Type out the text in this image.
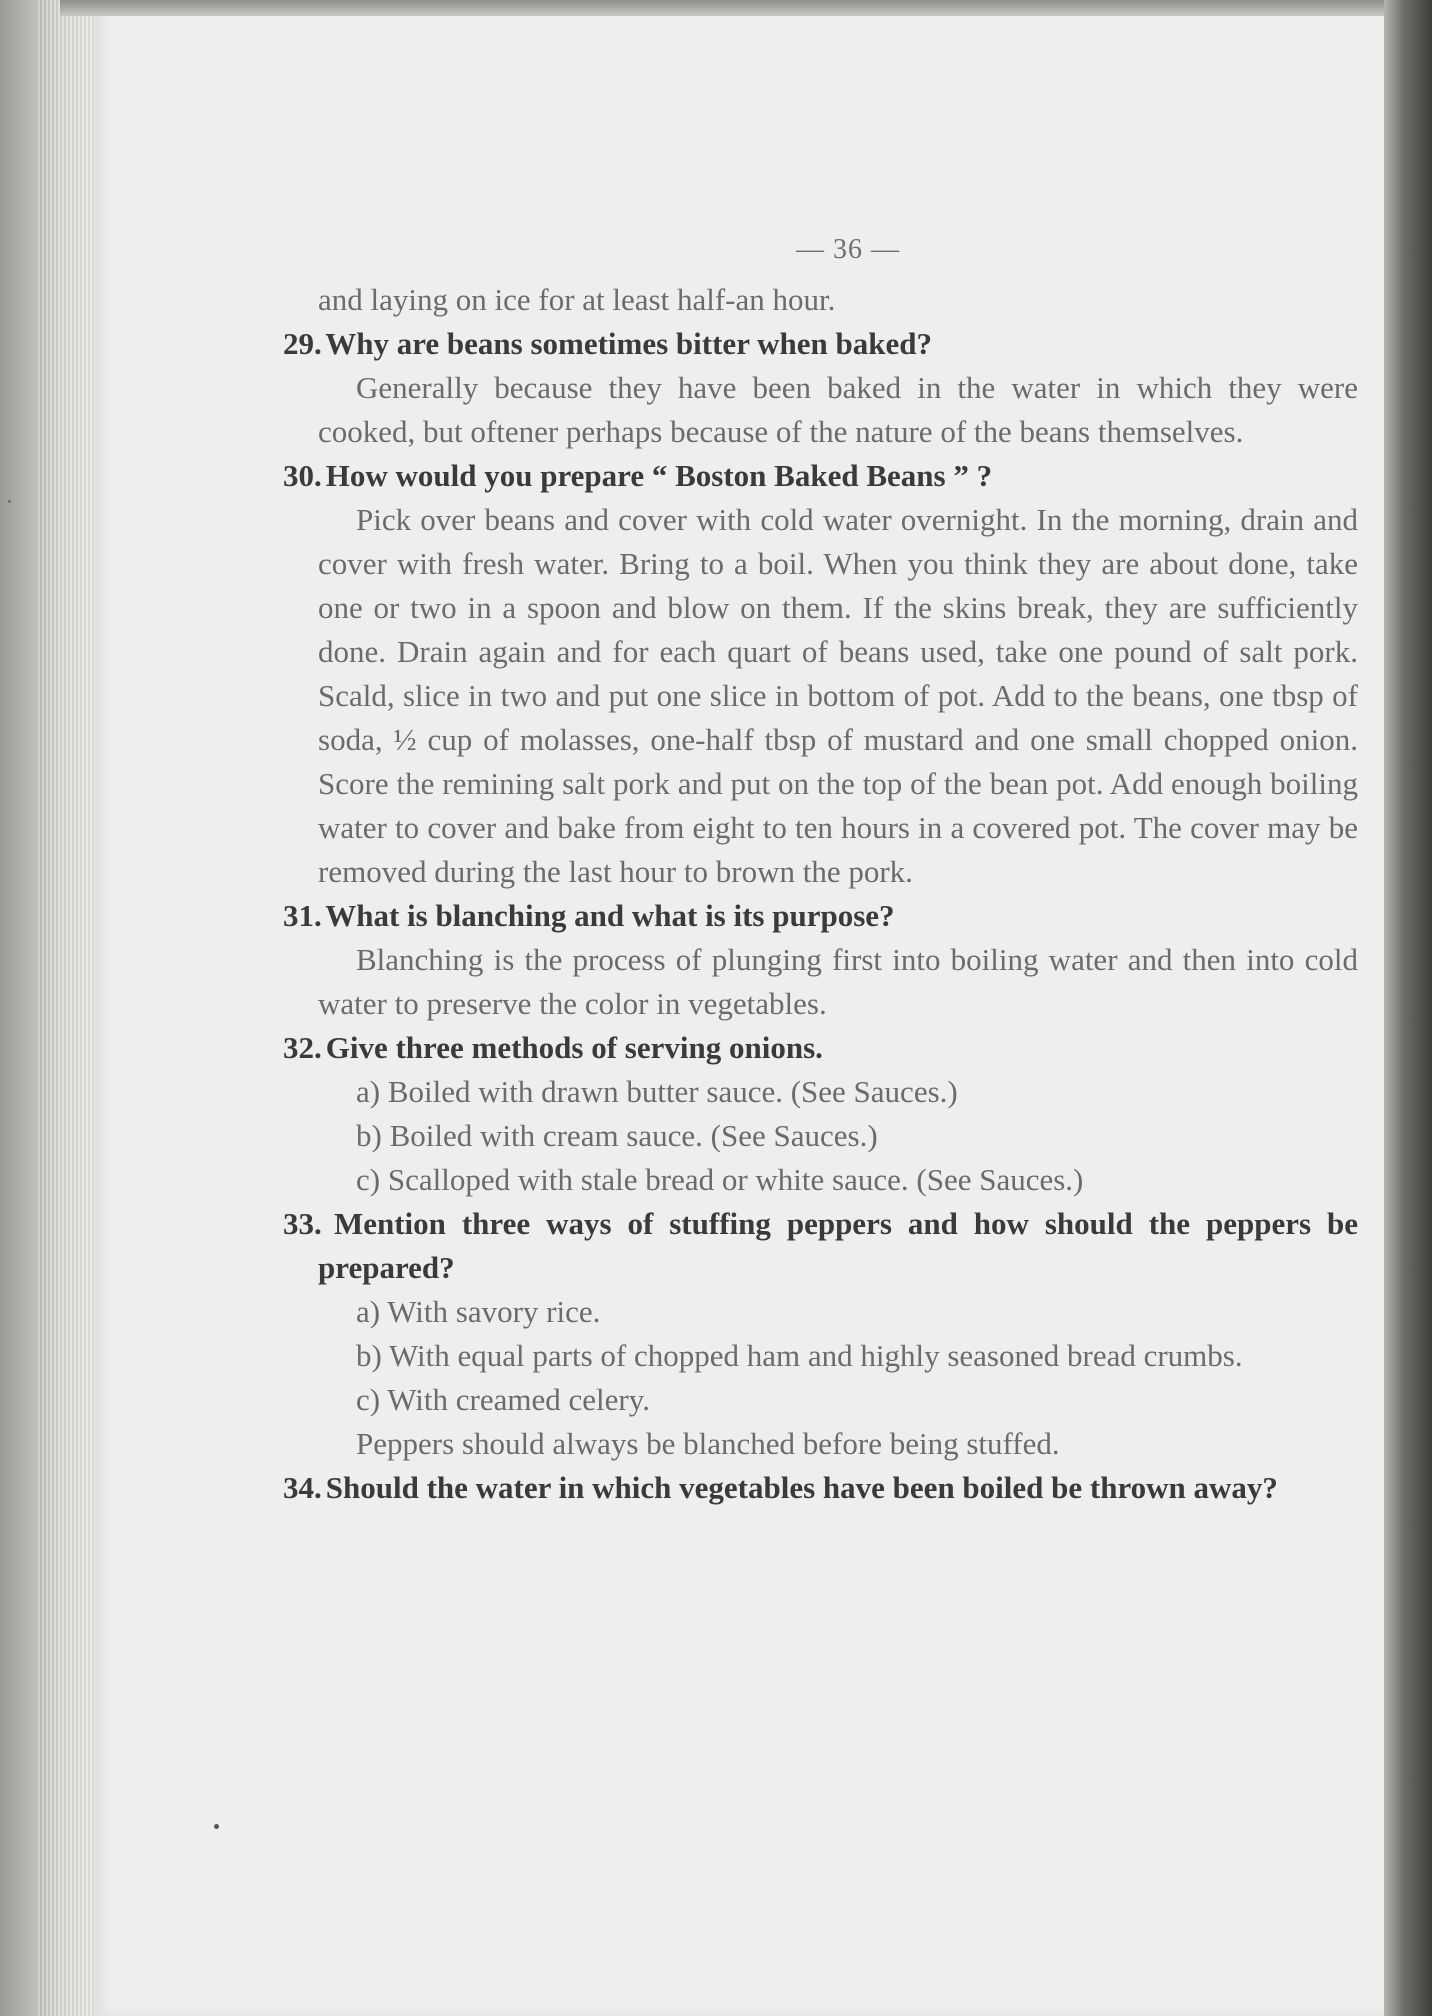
— 36 —
and laying on ice for at least half-an hour.
29. Why are beans sometimes bitter when baked?
Generally because they have been baked in the water in which they were cooked, but oftener perhaps because of the nature of the beans themselves.
30. How would you prepare “ Boston Baked Beans ” ?
Pick over beans and cover with cold water overnight. In the morning, drain and cover with fresh water. Bring to a boil. When you think they are about done, take one or two in a spoon and blow on them. If the skins break, they are sufficiently done. Drain again and for each quart of beans used, take one pound of salt pork. Scald, slice in two and put one slice in bottom of pot. Add to the beans, one tbsp of soda, ½ cup of molasses, one-half tbsp of mustard and one small chopped onion. Score the remining salt pork and put on the top of the bean pot. Add enough boiling water to cover and bake from eight to ten hours in a covered pot. The cover may be removed during the last hour to brown the pork.
31. What is blanching and what is its purpose?
Blanching is the process of plunging first into boiling water and then into cold water to preserve the color in vegetables.
32. Give three methods of serving onions.
a) Boiled with drawn butter sauce. (See Sauces.)
b) Boiled with cream sauce. (See Sauces.)
c) Scalloped with stale bread or white sauce. (See Sauces.)
33. Mention three ways of stuffing peppers and how should the peppers be prepared?
a) With savory rice.
b) With equal parts of chopped ham and highly seasoned bread crumbs.
c) With creamed celery.
Peppers should always be blanched before being stuffed.
34. Should the water in which vegetables have been boiled be thrown away?
